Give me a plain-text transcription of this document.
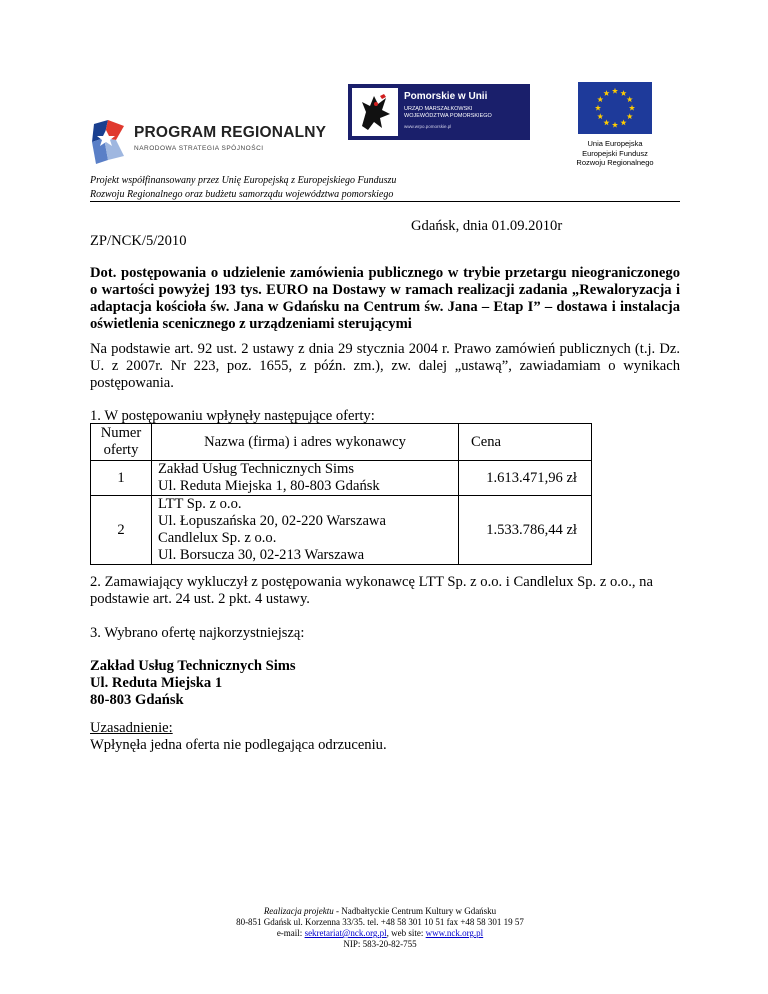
PROGRAM REGIONALNY
NARODOWA STRATEGIA SPÓJNOŚCI
Pomorskie w Unii
URZĄD MARSZAŁKOWSKI
WOJEWÓDZTWA POMORSKIEGO
www.wrpo.pomorskie.pl
Unia Europejska
Europejski Fundusz
Rozwoju Regionalnego
Projekt współfinansowany przez Unię Europejską z Europejskiego Funduszu
Rozwoju Regionalnego oraz budżetu samorządu województwa pomorskiego
Gdańsk, dnia 01.09.2010r
ZP/NCK/5/2010
Dot. postępowania o udzielenie zamówienia publicznego w trybie przetargu nieograniczonego o wartości powyżej 193 tys. EURO na Dostawy w ramach realizacji zadania „Rewaloryzacja i adaptacja kościoła św. Jana w Gdańsku na Centrum św. Jana – Etap I” – dostawa i instalacja oświetlenia scenicznego z urządzeniami sterującymi
Na podstawie art. 92 ust. 2 ustawy z dnia 29 stycznia 2004 r. Prawo zamówień publicznych (t.j. Dz. U. z 2007r. Nr 223, poz. 1655, z późn. zm.), zw. dalej „ustawą”, zawiadamiam o wynikach postępowania.
1. W postępowaniu wpłynęły następujące oferty:
Numer oferty	Nazwa (firma) i adres wykonawcy	Cena
1	Zakład Usług Technicznych Sims
Ul. Reduta Miejska 1, 80-803 Gdańsk	1.613.471,96 zł
2	LTT Sp. z o.o.
Ul. Łopuszańska 20, 02-220 Warszawa
Candlelux Sp. z o.o.
Ul. Borsucza 30, 02-213 Warszawa	1.533.786,44 zł
2. Zamawiający wykluczył z postępowania wykonawcę LTT Sp. z o.o. i Candlelux Sp. z o.o., na podstawie art. 24 ust. 2 pkt. 4 ustawy.
3. Wybrano ofertę najkorzystniejszą:
Zakład Usług Technicznych Sims
Ul. Reduta Miejska 1
80-803 Gdańsk
Uzasadnienie:
Wpłynęła jedna oferta nie podlegająca odrzuceniu.
Realizacja projektu - Nadbałtyckie Centrum Kultury w Gdańsku
80-851 Gdańsk ul. Korzenna 33/35. tel. +48 58 301 10 51 fax +48 58 301 19 57
e-mail: sekretariat@nck.org.pl, web site: www.nck.org.pl
NIP: 583-20-82-755
